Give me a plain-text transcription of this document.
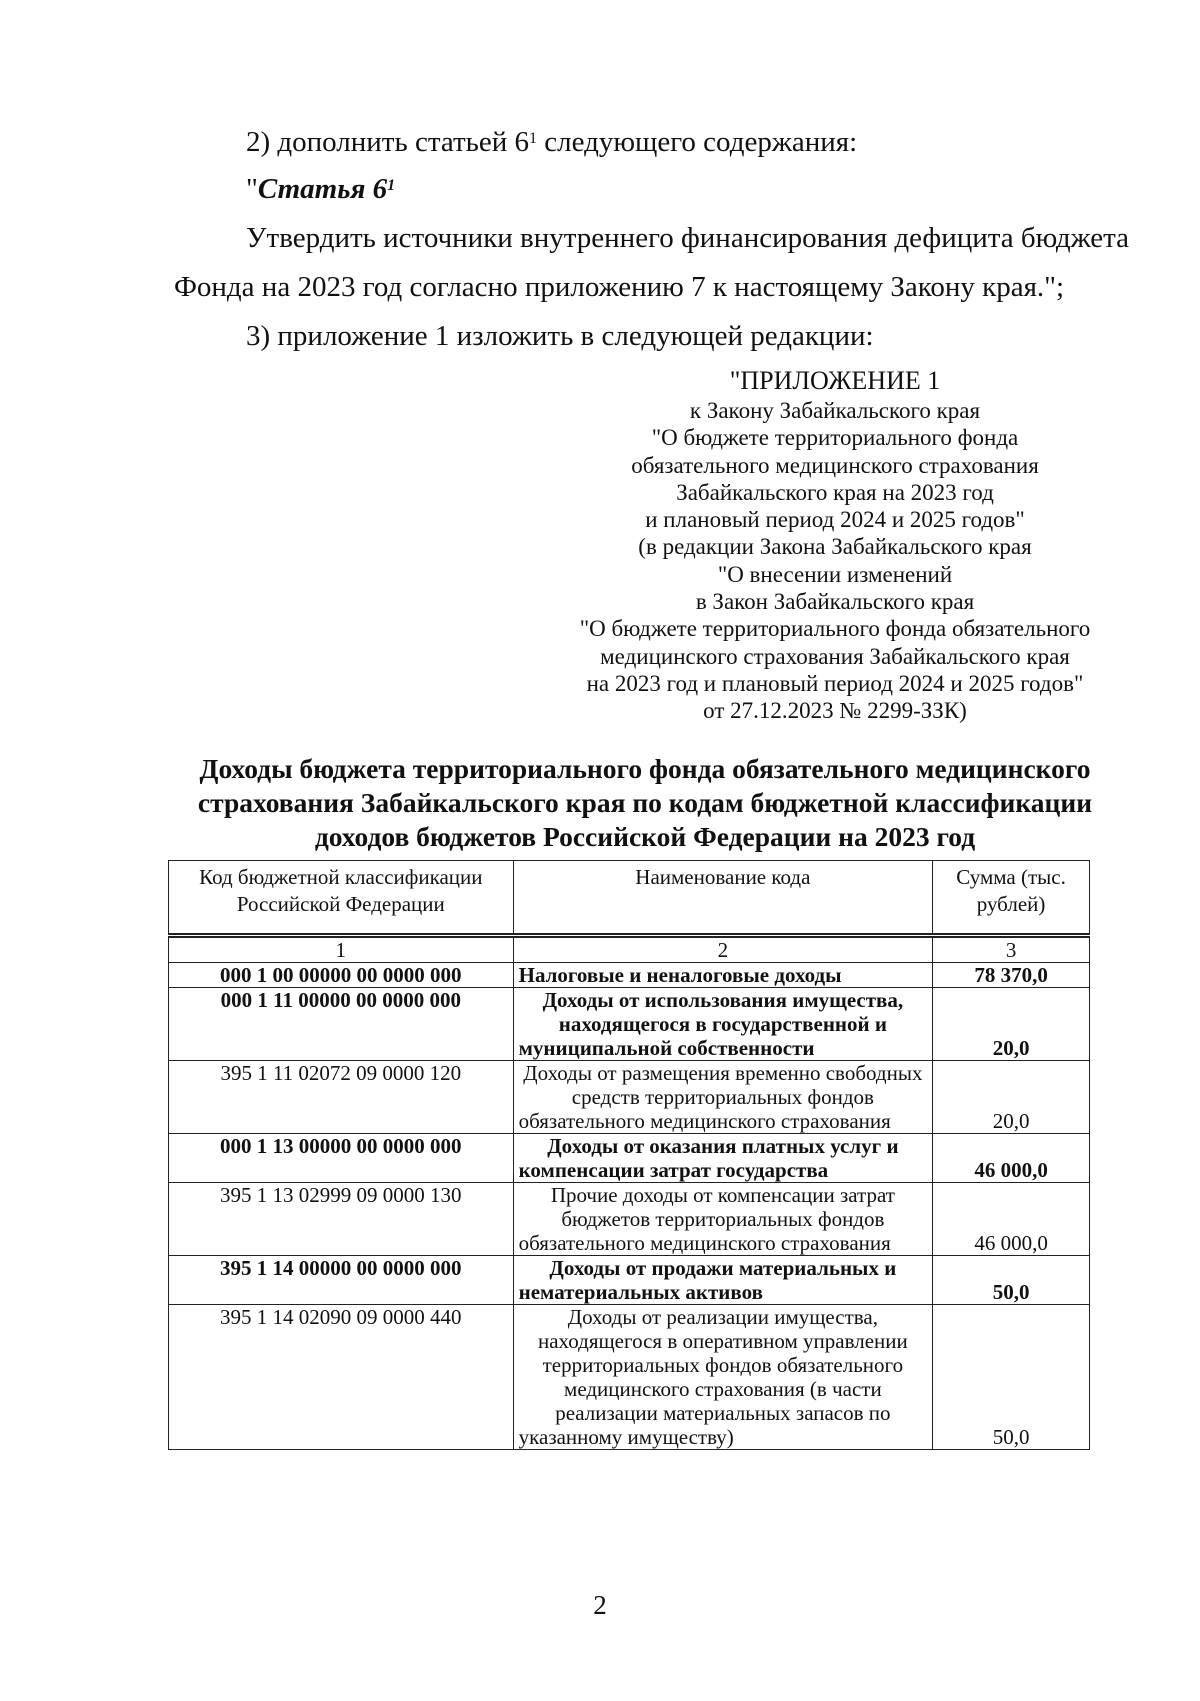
2) дополнить статьей $6^1$ следующего содержания:
"Статья $6^1$
Утвердить источники внутреннего финансирования дефицита бюджета
Фонда на 2023 год согласно приложению 7 к настоящему Закону края.";
3) приложение 1 изложить в следующей редакции:
"ПРИЛОЖЕНИЕ 1
к Закону Забайкальского края
"О бюджете территориального фонда
обязательного медицинского страхования
Забайкальского края на 2023 год
и плановый период 2024 и 2025 годов"
(в редакции Закона Забайкальского края
"О внесении изменений
в Закон Забайкальского края
"О бюджете территориального фонда обязательного
медицинского страхования Забайкальского края
на 2023 год и плановый период 2024 и 2025 годов"
от 27.12.2023 № 2299-ЗЗК)
Доходы бюджета территориального фонда обязательного медицинского
страхования Забайкальского края по кодам бюджетной классификации
доходов бюджетов Российской Федерации на 2023 год
Код бюджетной классификации Российской Федерации	Наименование кода	Сумма (тыс. рублей)
1	2	3
000 1 00 00000 00 0000 000	Налоговые и неналоговые доходы	78 370,0
000 1 11 00000 00 0000 000	Доходы от использования имущества, находящегося в государственной и муниципальной собственности	20,0
395 1 11 02072 09 0000 120	Доходы от размещения временно свободных средств территориальных фондов обязательного медицинского страхования	20,0
000 1 13 00000 00 0000 000	Доходы от оказания платных услуг и компенсации затрат государства	46 000,0
395 1 13 02999 09 0000 130	Прочие доходы от компенсации затрат бюджетов территориальных фондов обязательного медицинского страхования	46 000,0
395 1 14 00000 00 0000 000	Доходы от продажи материальных и нематериальных активов	50,0
395 1 14 02090 09 0000 440	Доходы от реализации имущества, находящегося в оперативном управлении территориальных фондов обязательного медицинского страхования (в части реализации материальных запасов по указанному имуществу)	50,0
2
